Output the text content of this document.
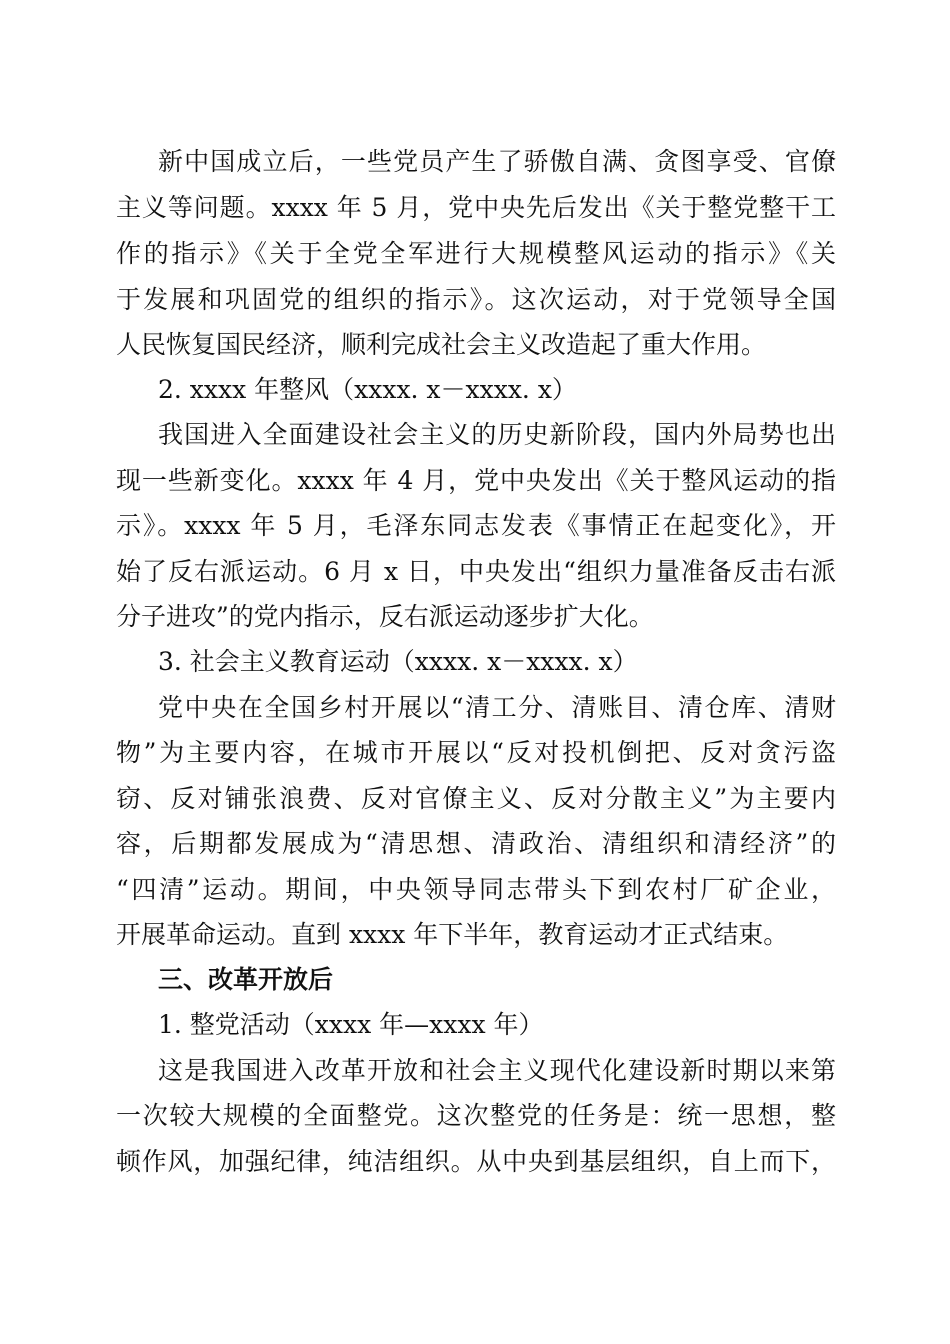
新中国成立后，一些党员产生了骄傲自满、贪图享受、官僚
主义等问题。xxxx 年 5 月，党中央先后发出《关于整党整干工
作的指示》《关于全党全军进行大规模整风运动的指示》《关
于发展和巩固党的组织的指示》。这次运动，对于党领导全国
人民恢复国民经济，顺利完成社会主义改造起了重大作用。
2. xxxx 年整风（xxxx. x－xxxx. x）
我国进入全面建设社会主义的历史新阶段，国内外局势也出
现一些新变化。xxxx 年 4 月，党中央发出《关于整风运动的指
示》。xxxx 年 5 月，毛泽东同志发表《事情正在起变化》，开
始了反右派运动。6 月 x 日，中央发出“组织力量准备反击右派
分子进攻”的党内指示，反右派运动逐步扩大化。
3. 社会主义教育运动（xxxx. x－xxxx. x）
党中央在全国乡村开展以“清工分、清账目、清仓库、清财
物”为主要内容，在城市开展以“反对投机倒把、反对贪污盗
窃、反对铺张浪费、反对官僚主义、反对分散主义”为主要内
容，后期都发展成为“清思想、清政治、清组织和清经济”的
“四清”运动。期间，中央领导同志带头下到农村厂矿企业，
开展革命运动。直到 xxxx 年下半年，教育运动才正式结束。
三、改革开放后
1. 整党活动（xxxx 年—xxxx 年）
这是我国进入改革开放和社会主义现代化建设新时期以来第
一次较大规模的全面整党。这次整党的任务是：统一思想，整
顿作风，加强纪律，纯洁组织。从中央到基层组织，自上而下，
